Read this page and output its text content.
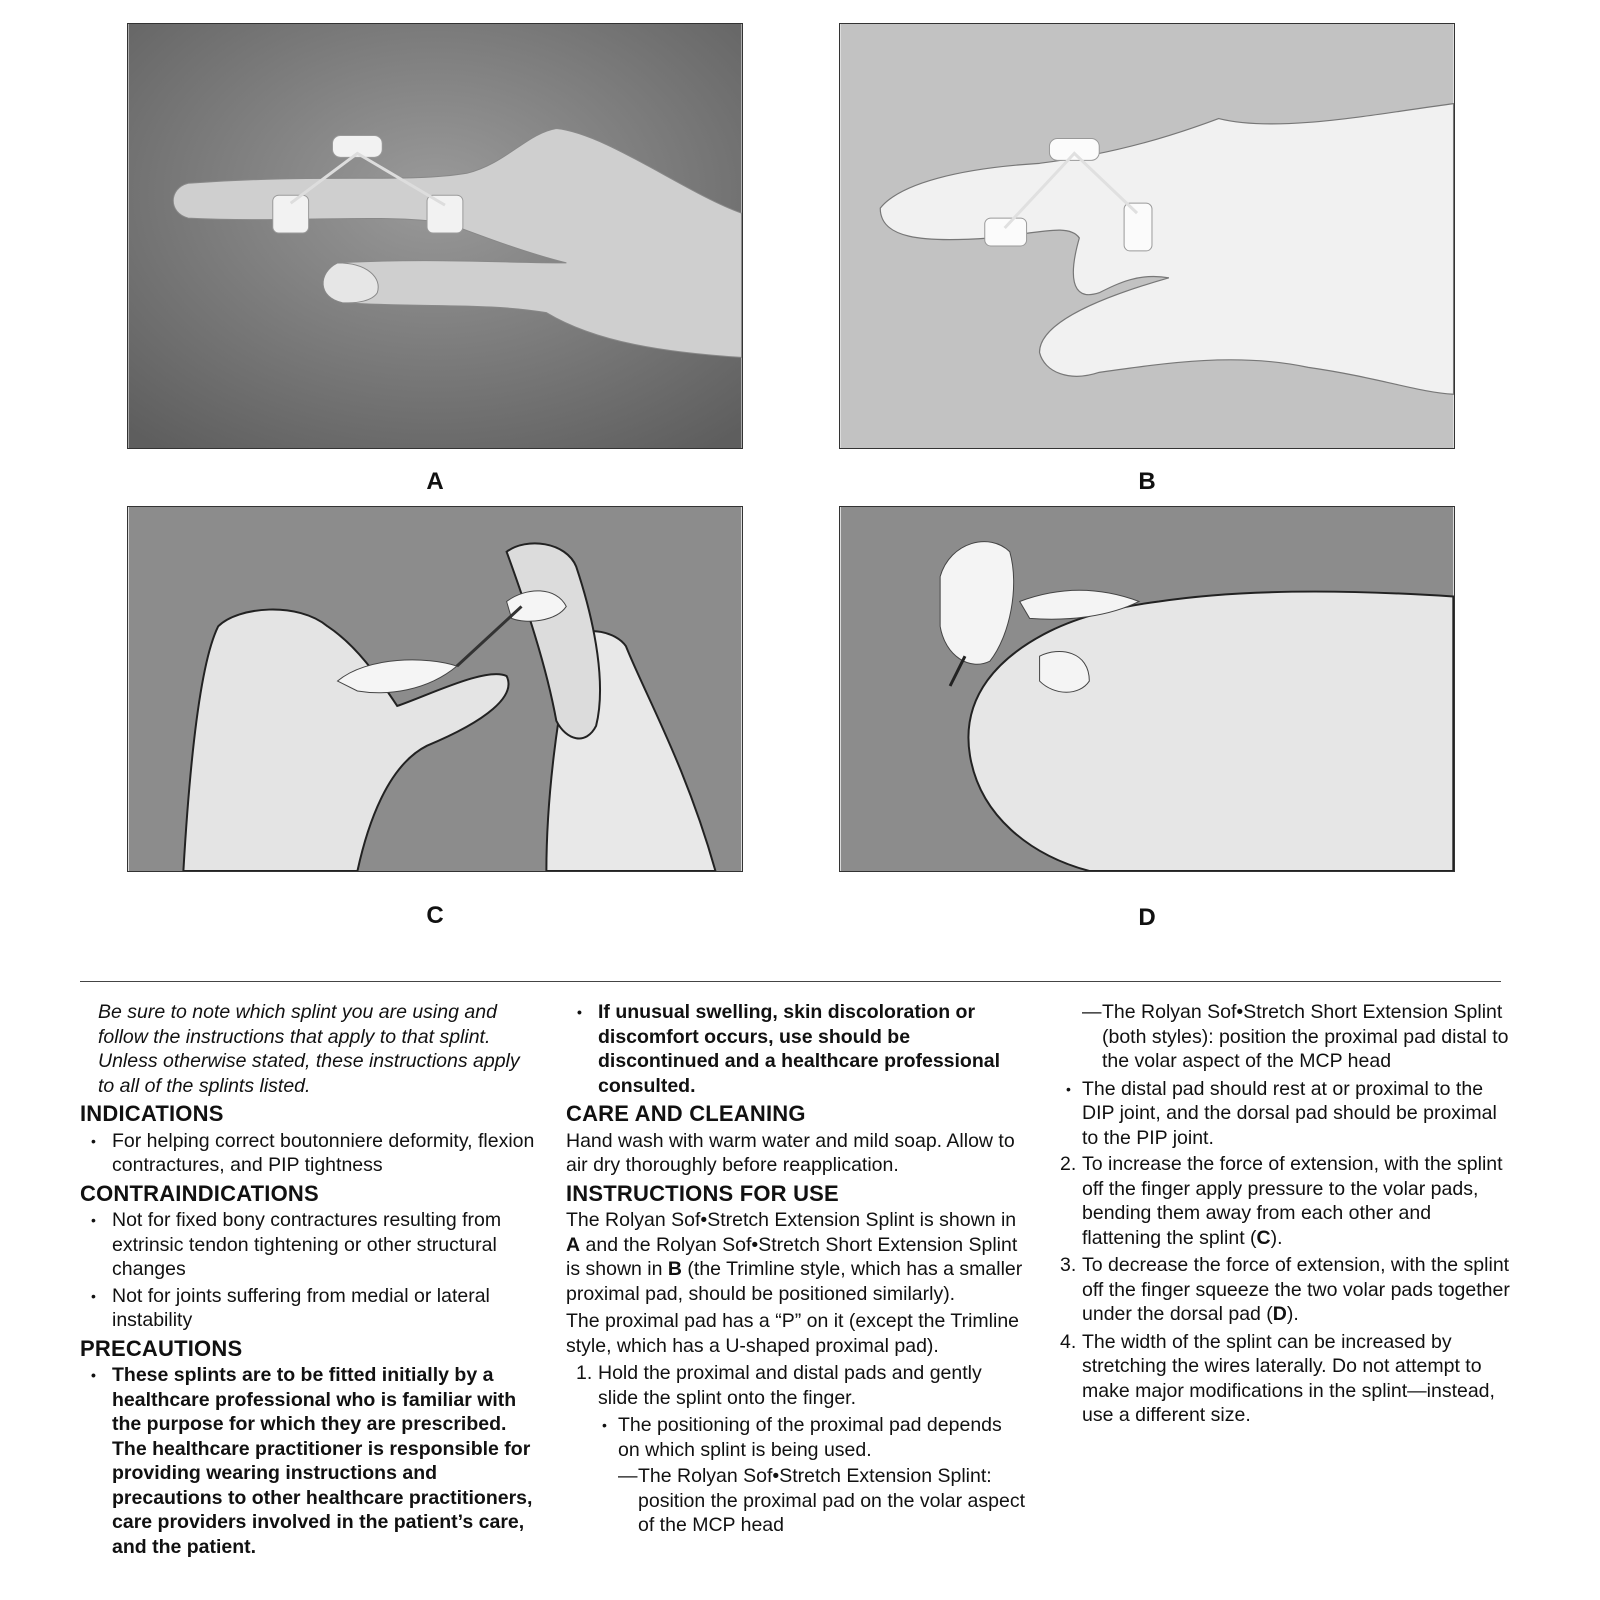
A	B
C	D
Be sure to note which splint you are using and follow the instructions that apply to that splint. Unless otherwise stated, these instructions apply to all of the splints listed.
INDICATIONS
• For helping correct boutonniere deformity, flexion contractures, and PIP tightness
CONTRAINDICATIONS
• Not for fixed bony contractures resulting from extrinsic tendon tightening or other structural changes
• Not for joints suffering from medial or lateral instability
PRECAUTIONS
• These splints are to be fitted initially by a healthcare professional who is familiar with the purpose for which they are prescribed. The healthcare practitioner is responsible for providing wearing instructions and precautions to other healthcare practitioners, care providers involved in the patient’s care, and the patient.
• If unusual swelling, skin discoloration or discomfort occurs, use should be discontinued and a healthcare professional consulted.
CARE AND CLEANING
Hand wash with warm water and mild soap. Allow to air dry thoroughly before reapplication.
INSTRUCTIONS FOR USE
The Rolyan Sof•Stretch Extension Splint is shown in A and the Rolyan Sof•Stretch Short Extension Splint is shown in B (the Trimline style, which has a smaller proximal pad, should be positioned similarly).
The proximal pad has a “P” on it (except the Trimline style, which has a U-shaped proximal pad).
1. Hold the proximal and distal pads and gently slide the splint onto the finger.
• The positioning of the proximal pad depends on which splint is being used.
— The Rolyan Sof•Stretch Extension Splint: position the proximal pad on the volar aspect of the MCP head
— The Rolyan Sof•Stretch Short Extension Splint (both styles): position the proximal pad distal to the volar aspect of the MCP head
• The distal pad should rest at or proximal to the DIP joint, and the dorsal pad should be proximal to the PIP joint.
2. To increase the force of extension, with the splint off the finger apply pressure to the volar pads, bending them away from each other and flattening the splint (C).
3. To decrease the force of extension, with the splint off the finger squeeze the two volar pads together under the dorsal pad (D).
4. The width of the splint can be increased by stretching the wires laterally. Do not attempt to make major modifications in the splint—instead, use a different size.
